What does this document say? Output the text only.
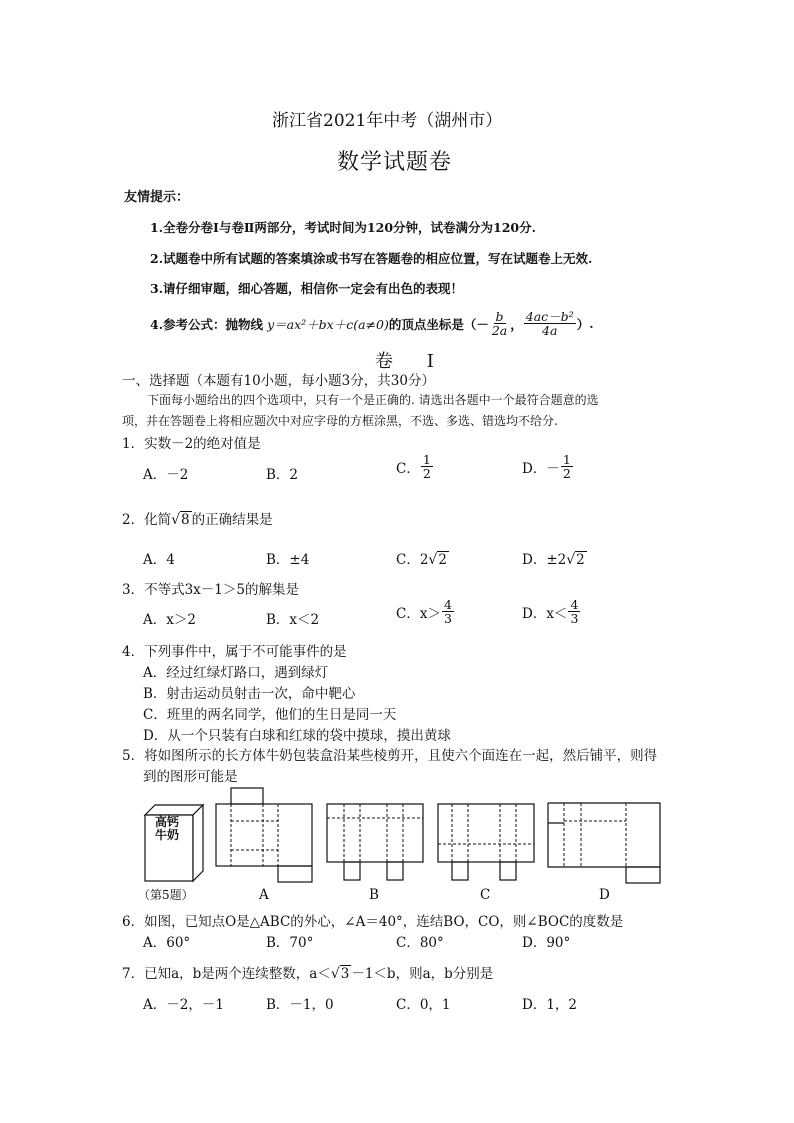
浙江省2021年中考（湖州市）
数学试题卷
友情提示：
1.全卷分卷Ⅰ与卷Ⅱ两部分，考试时间为120分钟，试卷满分为120分.
2.试题卷中所有试题的答案填涂或书写在答题卷的相应位置，写在试题卷上无效.
3.请仔细审题，细心答题，相信你一定会有出色的表现！
4.参考公式：抛物线 y＝ax²＋bx＋c(a≠0) 的顶点坐标是 （－ $\frac{b}{2a}$ ， $\frac{\text{4ac－b²}}{4a}$ ） .
卷 Ⅰ
一、选择题（本题有10小题，每小题3分，共30分）
下面每小题给出的四个选项中，只有一个是正确的. 请选出各题中一个最符合题意的选
项，并在答题卷上将相应题次中对应字母的方框涂黑，不选、多选、错选均不给分.
1．实数－2的绝对值是
A．－2	B．2	C． $\frac{1}{2}$	D．－ $\frac{1}{2}$
2．化简√8 的正确结果是
A．4	B．±4	C．2√2	D．±2√2
3．不等式3x－1＞5的解集是
A．x＞2	B．x＜2	C．$x> \frac{4}{3}$	D．$x< \frac{4}{3}$
4．下列事件中，属于不可能事件的是
A．经过红绿灯路口，遇到绿灯
B．射击运动员射击一次，命中靶心
C．班里的两名同学，他们的生日是同一天
D．从一个只装有白球和红球的袋中摸球，摸出黄球
5．将如图所示的长方体牛奶包装盒沿某些棱剪开，且使六个面连在一起，然后铺平，则得
到的图形可能是
高钙牛奶
（第5题）	A	B	C	D
6．如图，已知点O是△ABC的外心，∠A＝40°，连结BO，CO，则∠BOC的度数是
A．60°	B．70°	C．80°	D．90°
7．已知a，b是两个连续整数，a＜√3 －1＜b，则a，b分别是
A．－2，－1	B．－1，0	C．0，1	D．1，2
